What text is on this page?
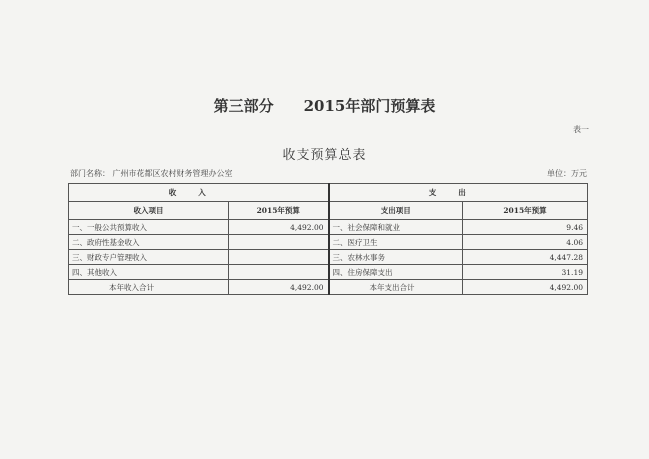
第三部分 2015年部门预算表
表一
收支预算总表
部门名称： 广州市花都区农村财务管理办公室	单位：万元
收入		支出	
收入项目	2015年预算	支出项目	2015年预算
一、一般公共预算收入	4,492.00	一、社会保障和就业	9.46
二、政府性基金收入		二、医疗卫生	4.06
三、财政专户管理收入		三、农林水事务	4,447.28
四、其他收入		四、住房保障支出	31.19
本年收入合计	4,492.00	本年支出合计	4,492.00
